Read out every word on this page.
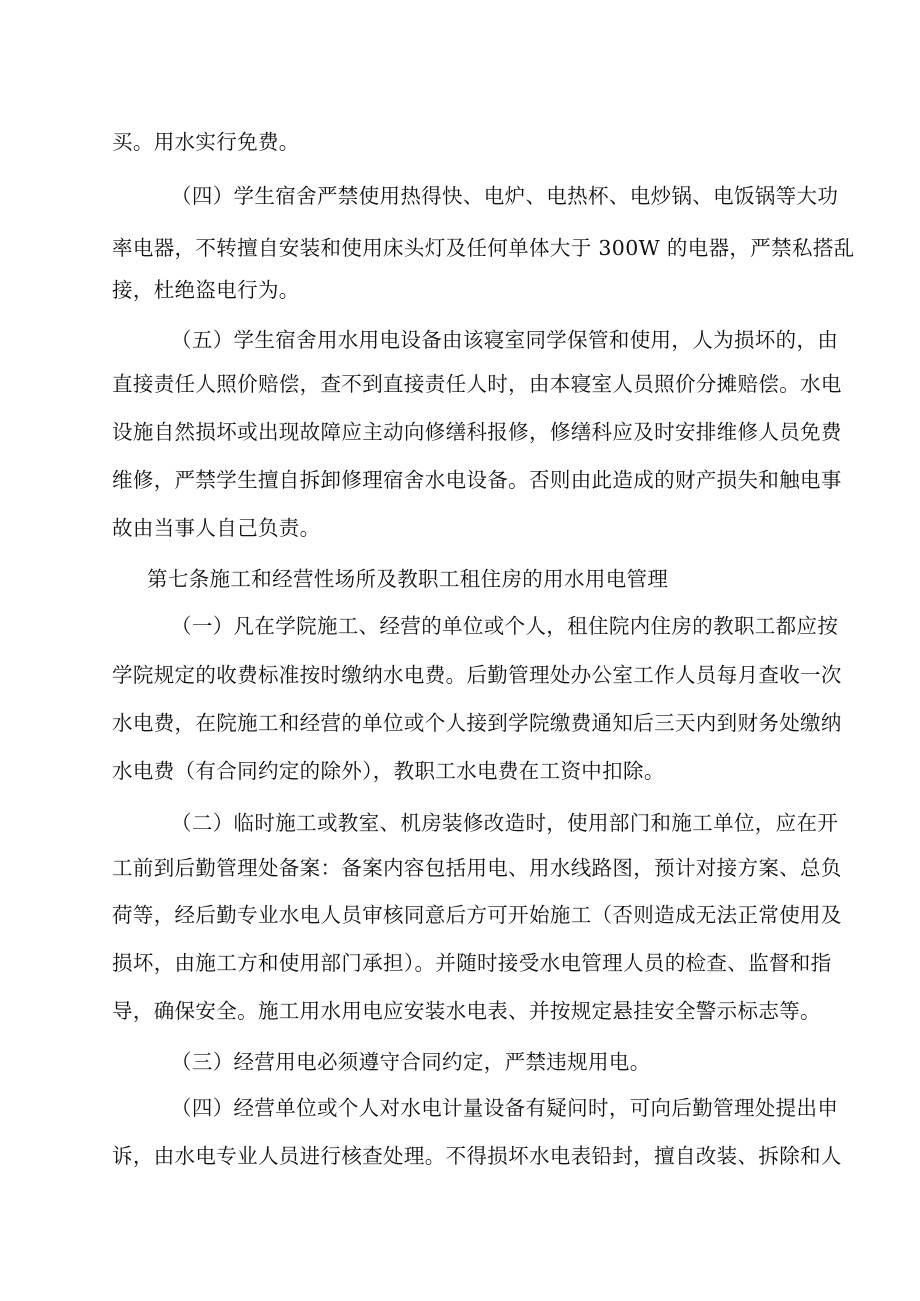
买。用水实行免费。
（四）学生宿舍严禁使用热得快、电炉、电热杯、电炒锅、电饭锅等大功
率电器，不转擅自安装和使用床头灯及任何单体大于 300W 的电器，严禁私搭乱
接，杜绝盗电行为。
（五）学生宿舍用水用电设备由该寝室同学保管和使用，人为损坏的，由
直接责任人照价赔偿，查不到直接责任人时，由本寝室人员照价分摊赔偿。水电
设施自然损坏或出现故障应主动向修缮科报修，修缮科应及时安排维修人员免费
维修，严禁学生擅自拆卸修理宿舍水电设备。否则由此造成的财产损失和触电事
故由当事人自己负责。
第七条施工和经营性场所及教职工租住房的用水用电管理
（一）凡在学院施工、经营的单位或个人，租住院内住房的教职工都应按
学院规定的收费标准按时缴纳水电费。后勤管理处办公室工作人员每月查收一次
水电费，在院施工和经营的单位或个人接到学院缴费通知后三天内到财务处缴纳
水电费（有合同约定的除外），教职工水电费在工资中扣除。
（二）临时施工或教室、机房装修改造时，使用部门和施工单位，应在开
工前到后勤管理处备案：备案内容包括用电、用水线路图，预计对接方案、总负
荷等，经后勤专业水电人员审核同意后方可开始施工（否则造成无法正常使用及
损坏，由施工方和使用部门承担）。并随时接受水电管理人员的检查、监督和指
导，确保安全。施工用水用电应安装水电表、并按规定悬挂安全警示标志等。
（三）经营用电必须遵守合同约定，严禁违规用电。
（四）经营单位或个人对水电计量设备有疑问时，可向后勤管理处提出申
诉，由水电专业人员进行核查处理。不得损坏水电表铅封，擅自改装、拆除和人
